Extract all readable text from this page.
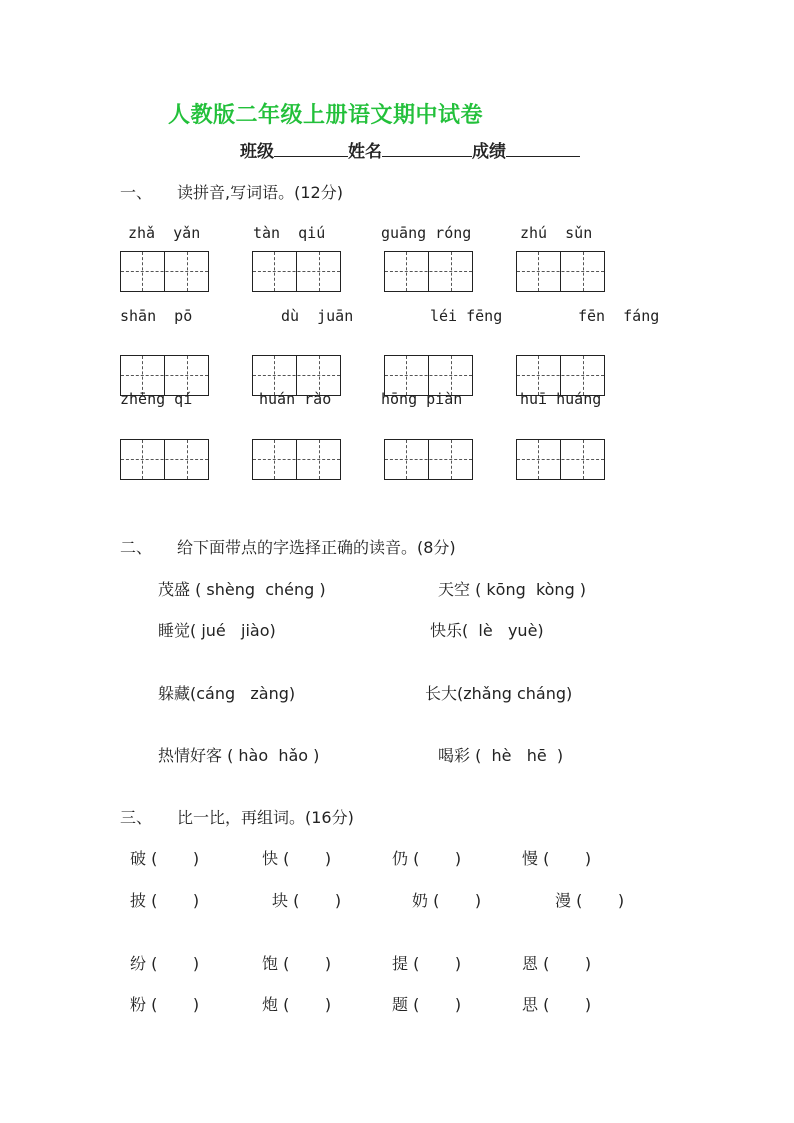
人教版二年级上册语文期中试卷
班级	姓名	成绩
一、 读拼音,写词语。(12分)
zhǎ  yǎn	tàn  qiú	guāng róng	zhú  sǔn
shān  pō	dù  juān	léi fēng	fēn  fáng
zhēng qí	huán rào	hōng piàn	huī huáng
二、 给下面带点的字选择正确的读音。(8分)
茂盛 ( shèng  chéng )	天空 ( kōng  kòng )
睡觉( jué   jiào)	快乐(  lè   yuè)
躲藏(cáng   zàng)	长大(zhǎng cháng)
热情好客 ( hào  hǎo )	喝彩 (  hè   hē  )
三、 比一比，再组词。(16分)
破 (       )	快 (       )	仍 (       )	慢 (       )
披 (       )	块 (       )	奶 (       )	漫 (       )
纷 (       )	饱 (       )	提 (       )	恩 (       )
粉 (       )	炮 (       )	题 (       )	思 (       )
